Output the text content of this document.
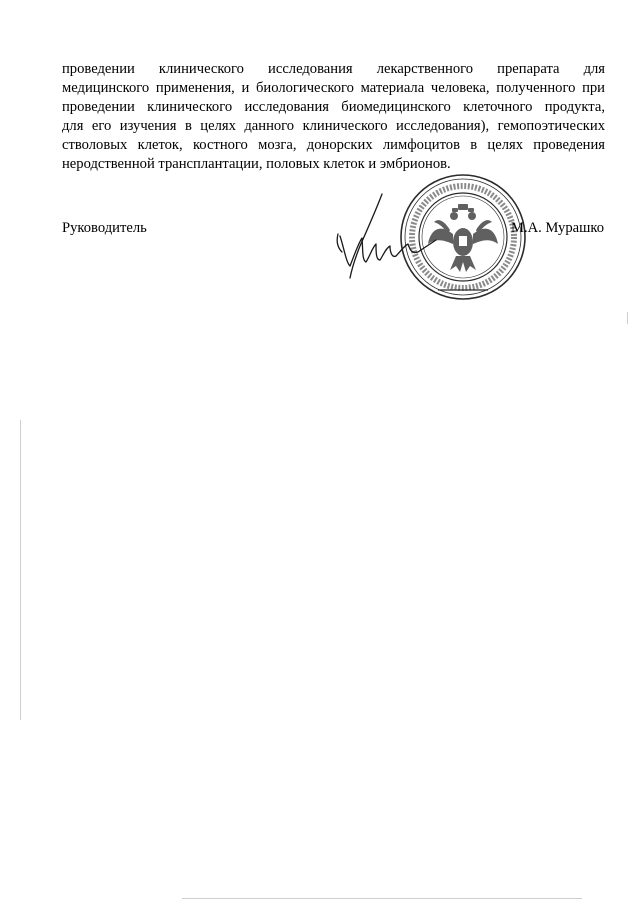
проведении клинического исследования лекарственного препарата для
медицинского применения, и биологического материала человека, полученного при
проведении клинического исследования биомедицинского клеточного продукта,
для его изучения в целях данного клинического исследования), гемопоэтических
стволовых клеток, костного мозга, донорских лимфоцитов в целях проведения
неродственной трансплантации, половых клеток и эмбрионов.
Руководитель	М.А. Мурашко
